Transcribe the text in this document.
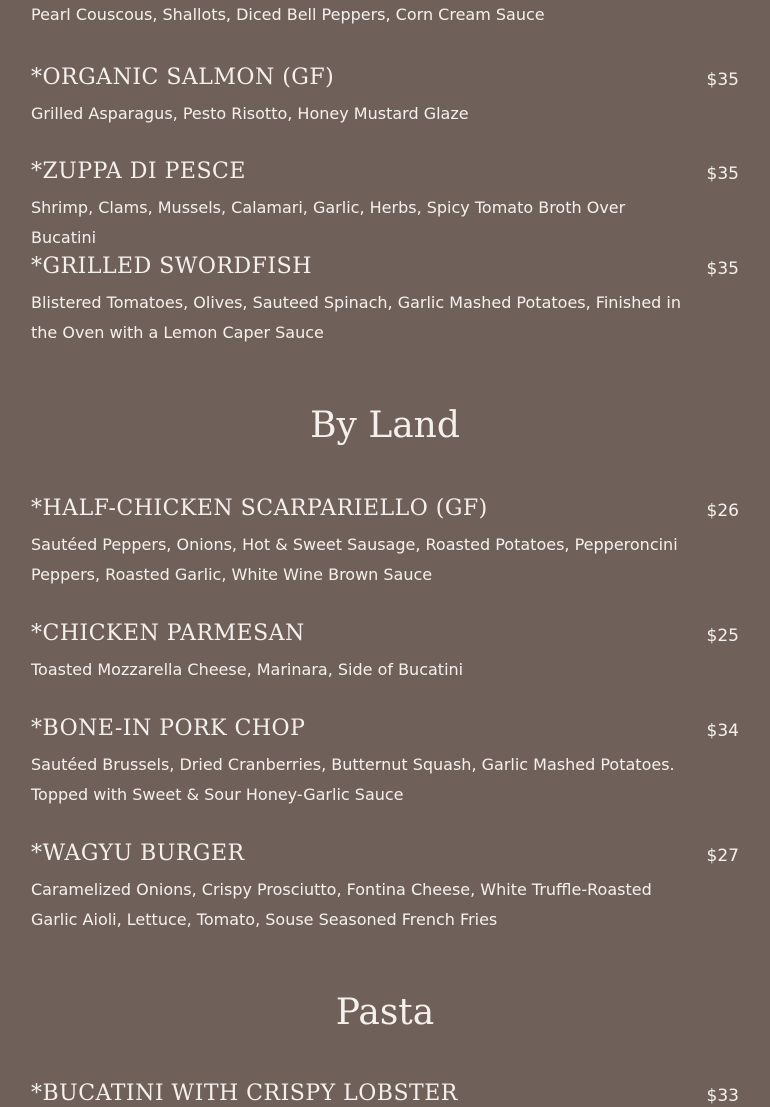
Pearl Couscous, Shallots, Diced Bell Peppers, Corn Cream Sauce
*ORGANIC SALMON (GF)	$35
Grilled Asparagus, Pesto Risotto, Honey Mustard Glaze
*ZUPPA DI PESCE	$35
Shrimp, Clams, Mussels, Calamari, Garlic, Herbs, Spicy Tomato Broth Over Bucatini
*GRILLED SWORDFISH	$35
Blistered Tomatoes, Olives, Sauteed Spinach, Garlic Mashed Potatoes, Finished in the Oven with a Lemon Caper Sauce
By Land
*HALF-CHICKEN SCARPARIELLO (GF)	$26
Sautéed Peppers, Onions, Hot & Sweet Sausage, Roasted Potatoes, Pepperoncini Peppers, Roasted Garlic, White Wine Brown Sauce
*CHICKEN PARMESAN	$25
Toasted Mozzarella Cheese, Marinara, Side of Bucatini
*BONE-IN PORK CHOP	$34
Sautéed Brussels, Dried Cranberries, Butternut Squash, Garlic Mashed Potatoes. Topped with Sweet & Sour Honey-Garlic Sauce
*WAGYU BURGER	$27
Caramelized Onions, Crispy Prosciutto, Fontina Cheese, White Truffle-Roasted Garlic Aioli, Lettuce, Tomato, Souse Seasoned French Fries
Pasta
*BUCATINI WITH CRISPY LOBSTER	$33
